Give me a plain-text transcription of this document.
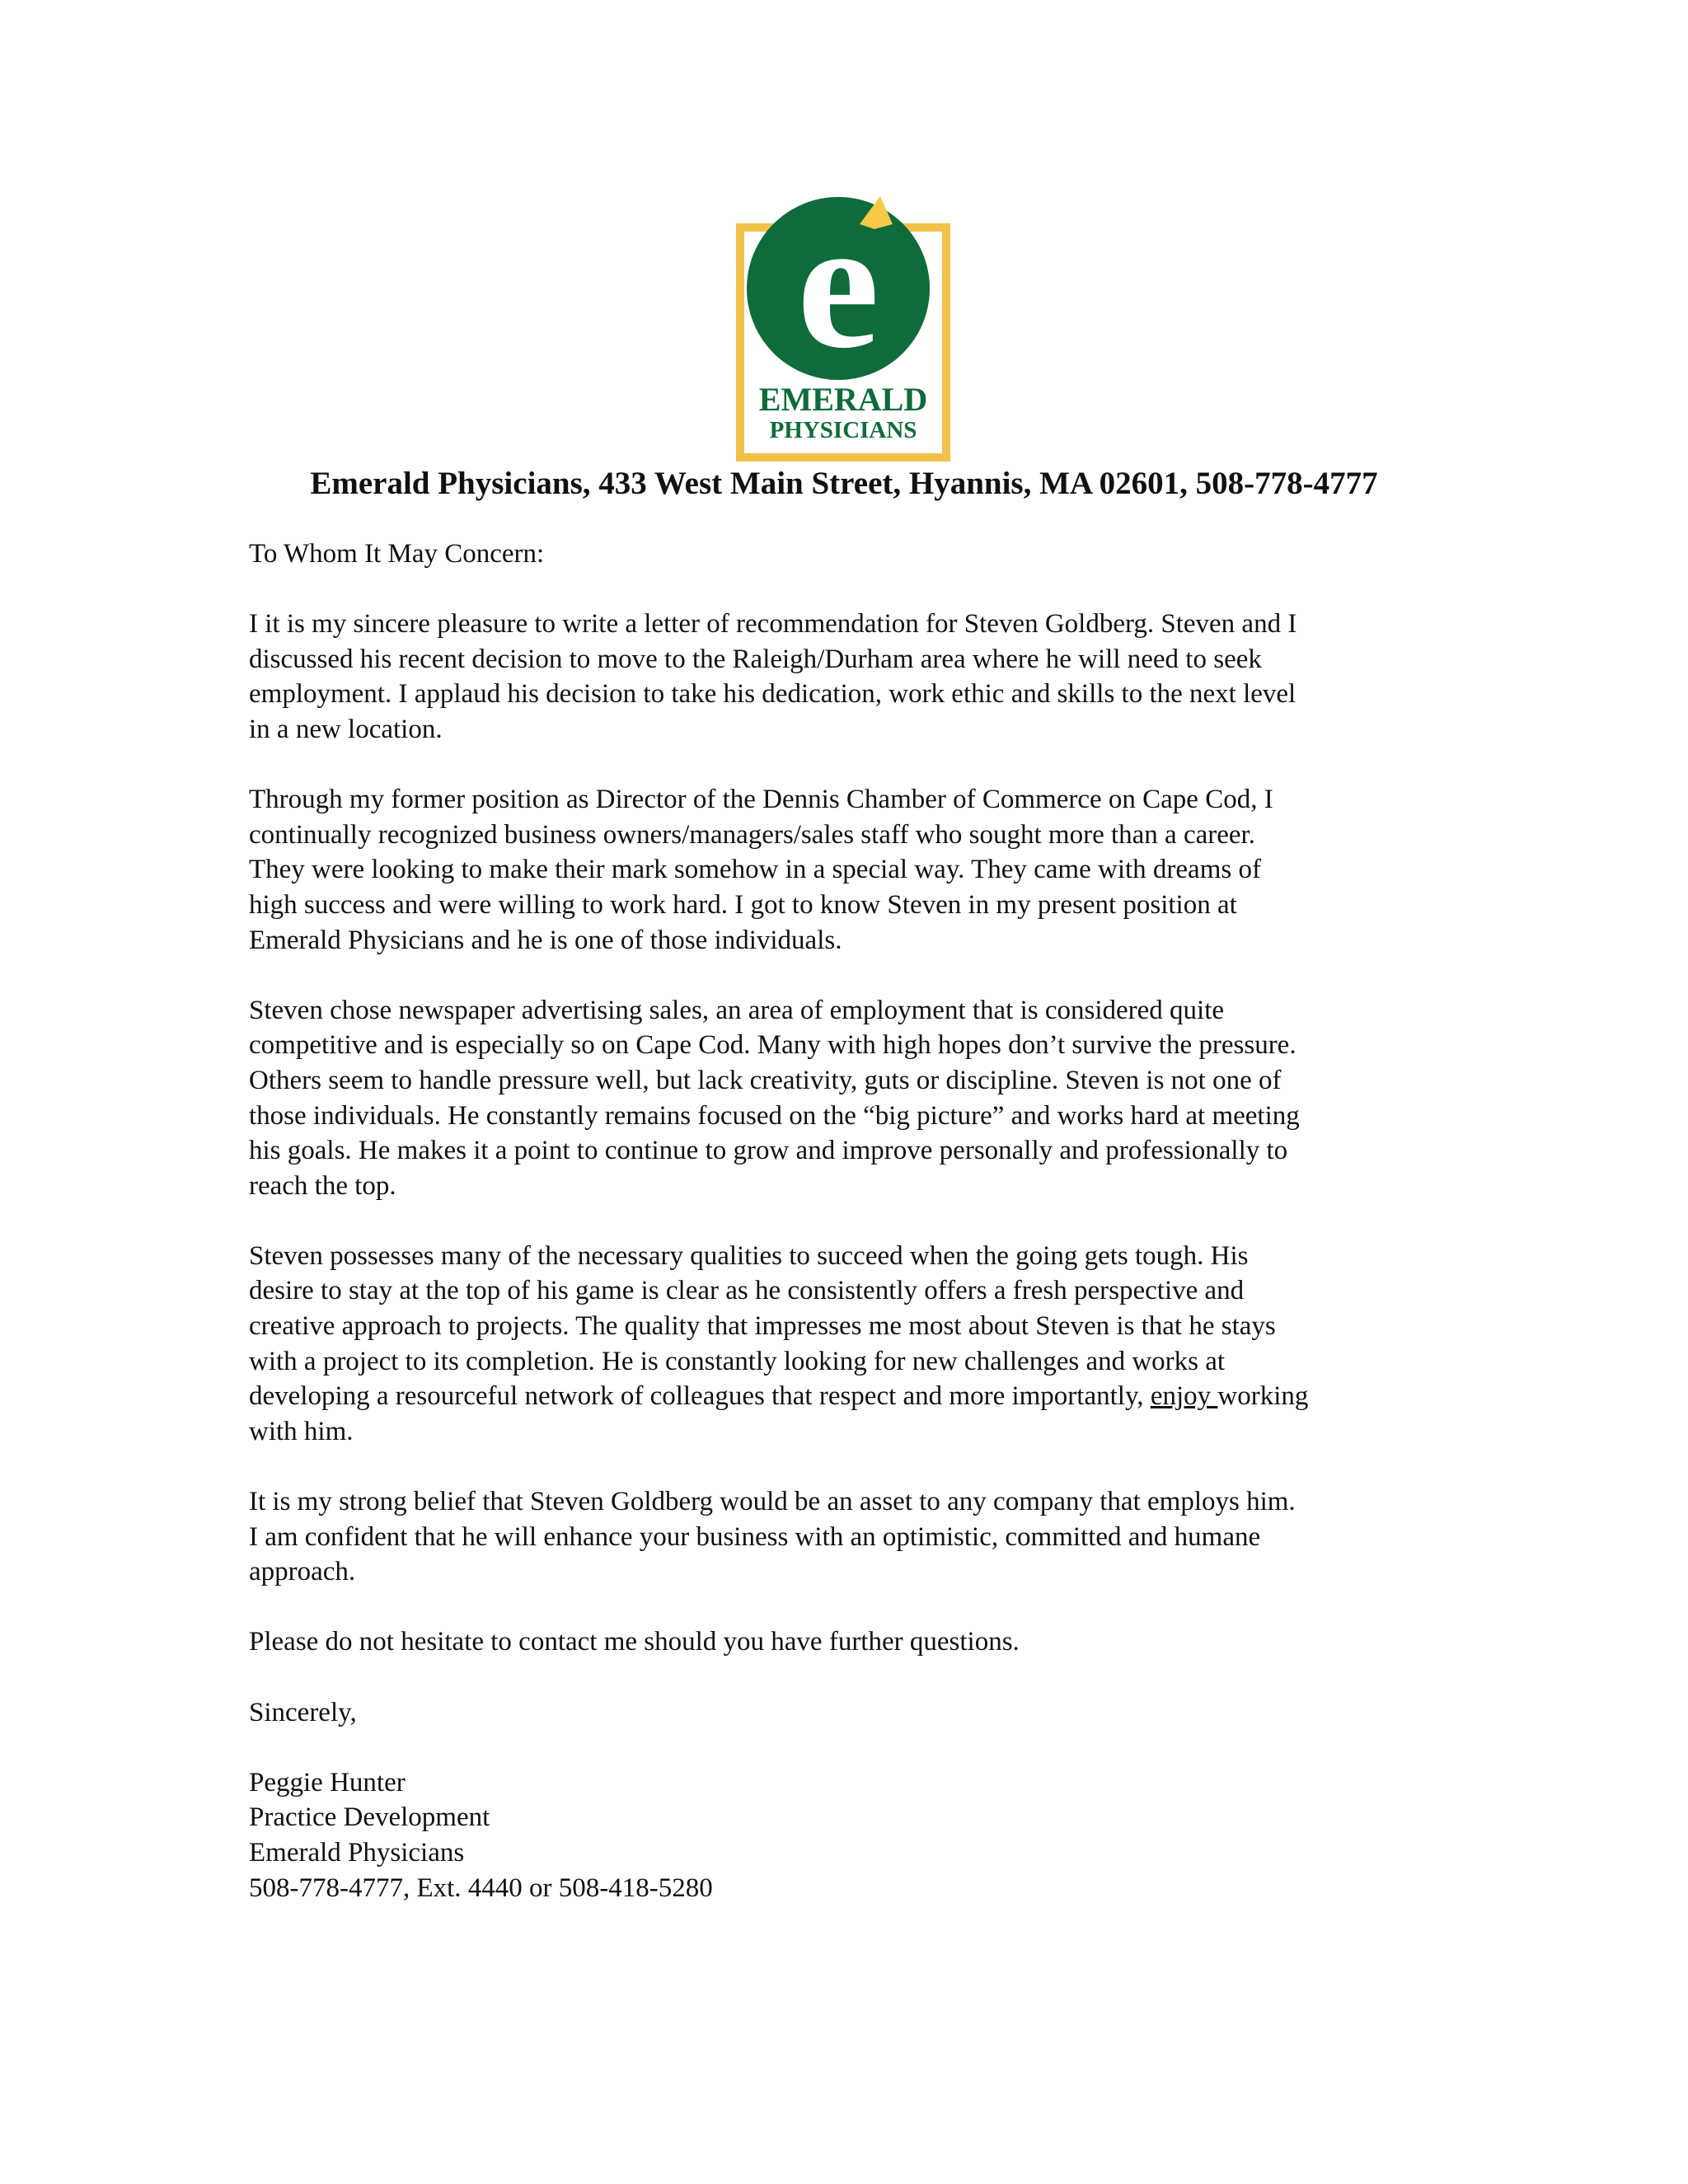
e
EMERALD
PHYSICIANS
Emerald Physicians, 433 West Main Street, Hyannis, MA 02601, 508-778-4777

To Whom It May Concern:

I it is my sincere pleasure to write a letter of recommendation for Steven Goldberg. Steven and I
discussed his recent decision to move to the Raleigh/Durham area where he will need to seek
employment. I applaud his decision to take his dedication, work ethic and skills to the next level
in a new location.

Through my former position as Director of the Dennis Chamber of Commerce on Cape Cod, I
continually recognized business owners/managers/sales staff who sought more than a career.
They were looking to make their mark somehow in a special way. They came with dreams of
high success and were willing to work hard. I got to know Steven in my present position at
Emerald Physicians and he is one of those individuals.

Steven chose newspaper advertising sales, an area of employment that is considered quite
competitive and is especially so on Cape Cod. Many with high hopes don’t survive the pressure.
Others seem to handle pressure well, but lack creativity, guts or discipline. Steven is not one of
those individuals. He constantly remains focused on the “big picture” and works hard at meeting
his goals. He makes it a point to continue to grow and improve personally and professionally to
reach the top.

Steven possesses many of the necessary qualities to succeed when the going gets tough. His
desire to stay at the top of his game is clear as he consistently offers a fresh perspective and
creative approach to projects. The quality that impresses me most about Steven is that he stays
with a project to its completion. He is constantly looking for new challenges and works at
developing a resourceful network of colleagues that respect and more importantly, enjoy working
with him.

It is my strong belief that Steven Goldberg would be an asset to any company that employs him.
I am confident that he will enhance your business with an optimistic, committed and humane
approach.

Please do not hesitate to contact me should you have further questions.

Sincerely,

Peggie Hunter

Practice Development

Emerald Physicians

508-778-4777, Ext. 4440 or 508-418-5280
